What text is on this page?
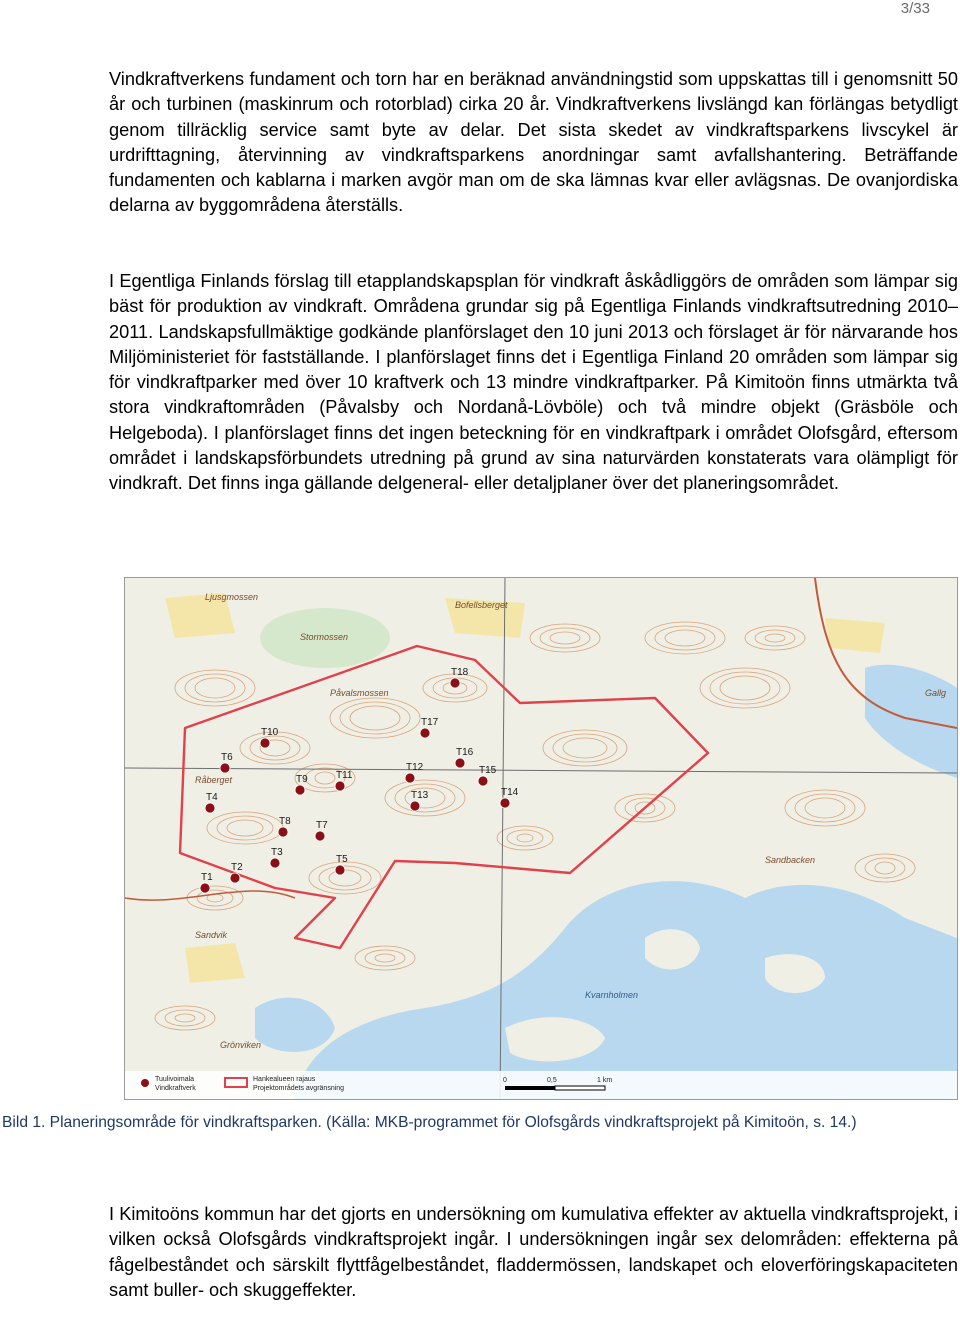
3/33

Vindkraftverkens fundament och torn har en beräknad användningstid som uppskattas till i genomsnitt 50 år och turbinen (maskinrum och rotorblad) cirka 20 år. Vindkraftverkens livslängd kan förlängas betydligt genom tillräcklig service samt byte av delar. Det sista skedet av vindkraftsparkens livscykel är urdrifttagning, återvinning av vindkraftsparkens anordningar samt avfallshantering. Beträffande fundamenten och kablarna i marken avgör man om de ska lämnas kvar eller avlägsnas. De ovanjordiska delarna av byggområdena återställs.

I Egentliga Finlands förslag till etapplandskapsplan för vindkraft åskådliggörs de områden som lämpar sig bäst för produktion av vindkraft. Områdena grundar sig på Egentliga Finlands vindkraftsutredning 2010–2011. Landskapsfullmäktige godkände planförslaget den 10 juni 2013 och förslaget är för närvarande hos Miljöministeriet för fastställande. I planförslaget finns det i Egentliga Finland 20 områden som lämpar sig för vindkraftparker med över 10 kraftverk och 13 mindre vindkraftparker. På Kimitoön finns utmärkta två stora vindkraftområden (Påvalsby och Nordanå-Lövböle) och två mindre objekt (Gräsböle och Helgeboda). I planförslaget finns det ingen beteckning för en vindkraftpark i området Olofsgård, eftersom området i landskapsförbundets utredning på grund av sina naturvärden konstaterats vara olämpligt för vindkraft. Det finns inga gällande delgeneral- eller detaljplaner över det planeringsområdet.

T18
T17
T10
T16
T6
T12	T15
T9
T4
T11
T13	T14
T8	T7
T5
T3
T2
T1
Ljusgmossen
Bofellsberget
Stormossen
Påvalsmossen	Gallg
Råberget
Sandvik
Sandbacken
Kvarnholmen
Grönviken
Tuulivoimala
Vindkraftverk
Hankealueen rajaus
Projektområdets avgränsning
0	0,5	1 km

Bild 1. Planeringsområde för vindkraftsparken. (Källa: MKB-programmet för Olofsgårds vindkraftsprojekt på Kimitoön, s. 14.)

I Kimitoöns kommun har det gjorts en undersökning om kumulativa effekter av aktuella vindkraftsprojekt, i vilken också Olofsgårds vindkraftsprojekt ingår. I undersökningen ingår sex delområden: effekterna på fågelbeståndet och särskilt flyttfågelbeståndet, fladdermössen, landskapet och eloverföringskapaciteten samt buller- och skuggeffekter.
